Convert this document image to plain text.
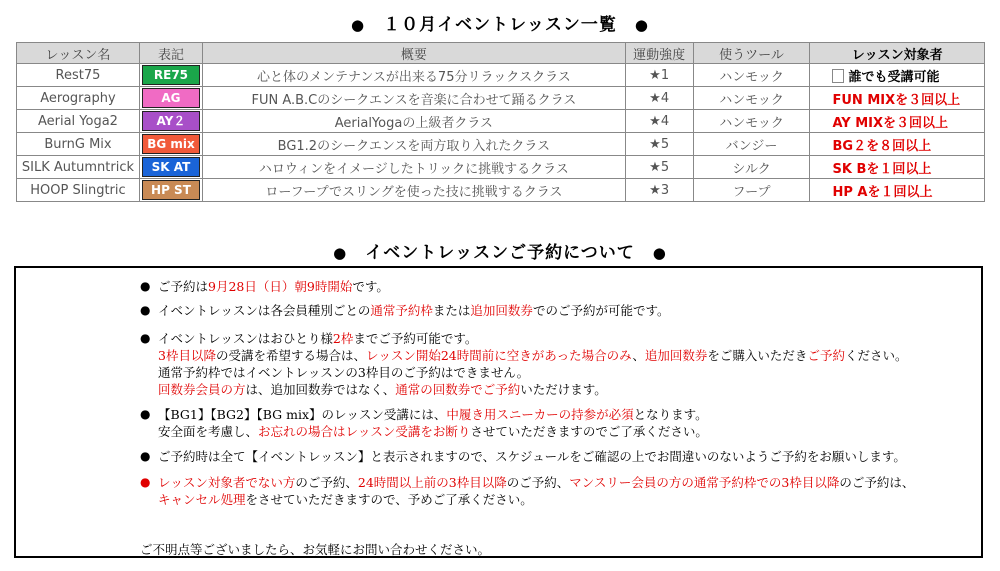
● １０月イベントレッスン一覧 ●
レッスン名	表記	概要	運動強度	使うツール	レッスン対象者
Rest75	RE75	心と体のメンテナンスが出来る75分リラックスクラス	★1	ハンモック	誰でも受講可能
Aerography	AG	FUN A.B.Cのシークエンスを音楽に合わせて踊るクラス	★4	ハンモック	FUN MIXを３回以上
Aerial Yoga2	AY２	AerialYogaの上級者クラス	★4	ハンモック	AY MIXを３回以上
BurnG Mix	BG mix	BG1.2のシークエンスを両方取り入れたクラス	★5	バンジー	BG２を８回以上
SILK Autumntrick	SK AT	ハロウィンをイメージしたトリックに挑戦するクラス	★5	シルク	SK Bを１回以上
HOOP Slingtric	HP ST	ローフープでスリングを使った技に挑戦するクラス	★3	フープ	HP Aを１回以上
● イベントレッスンご予約について ●
● ご予約は9月28日（日）朝9時開始です。
● イベントレッスンは各会員種別ごとの通常予約枠または追加回数券でのご予約が可能です。
● イベントレッスンはおひとり様2枠までご予約可能です。
3枠目以降の受講を希望する場合は、レッスン開始24時間前に空きがあった場合のみ、追加回数券をご購入いただきご予約ください。
通常予約枠ではイベントレッスンの3枠目のご予約はできません。
回数券会員の方は、追加回数券ではなく、通常の回数券でご予約いただけます。
● 【BG1】【BG2】【BG mix】のレッスン受講には、中履き用スニーカーの持参が必須となります。
安全面を考慮し、お忘れの場合はレッスン受講をお断りさせていただきますのでご了承ください。
● ご予約時は全て【イベントレッスン】と表示されますので、スケジュールをご確認の上でお間違いのないようご予約をお願いします。
● レッスン対象者でない方のご予約、24時間以上前の3枠目以降のご予約、マンスリー会員の方の通常予約枠での3枠目以降のご予約は、
キャンセル処理をさせていただきますので、予めご了承ください。
ご不明点等ございましたら、お気軽にお問い合わせください。
